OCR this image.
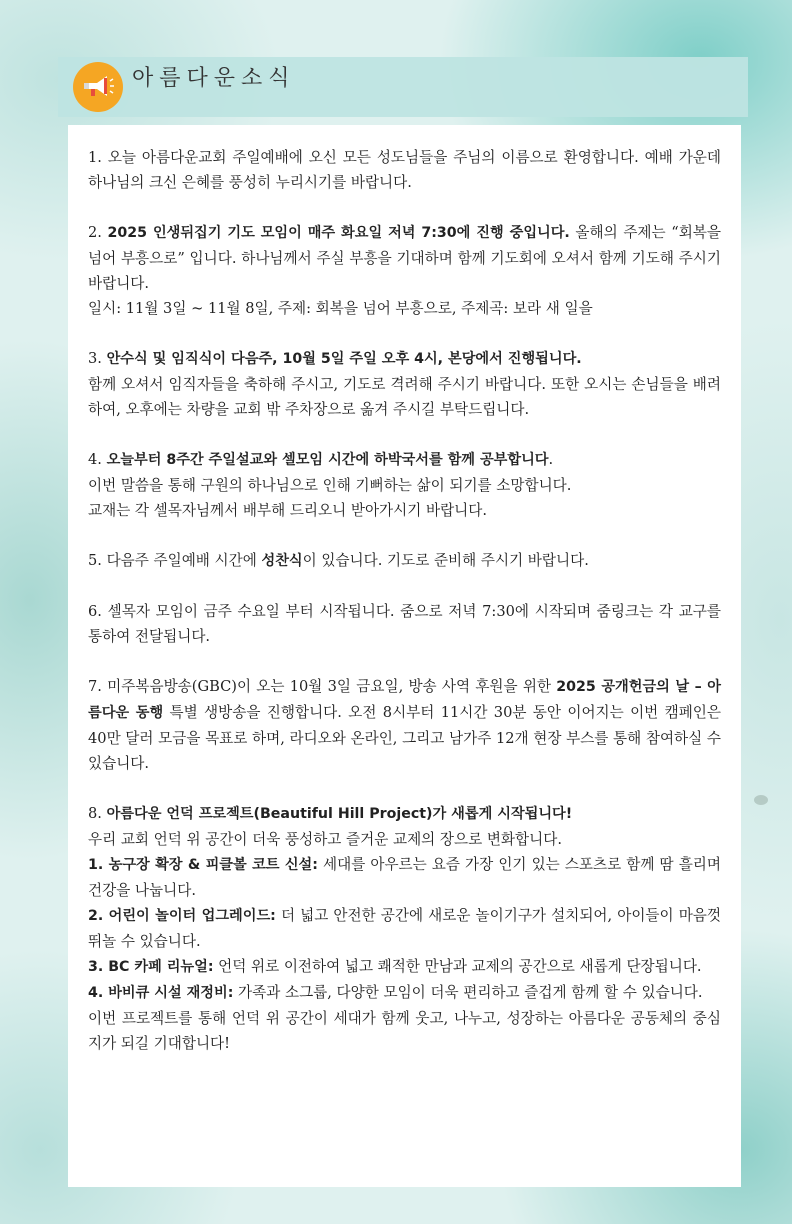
아름다운소식

1. 오늘 아름다운교회 주일예배에 오신 모든 성도님들을 주님의 이름으로 환영합니다. 예배 가운데 하나님의 크신 은혜를 풍성히 누리시기를 바랍니다.

2. 2025 인생뒤집기 기도 모임이 매주 화요일 저녁 7:30에 진행 중입니다. 올해의 주제는 “회복을 넘어 부흥으로” 입니다. 하나님께서 주실 부흥을 기대하며 함께 기도회에 오셔서 함께 기도해 주시기 바랍니다.
일시: 11월 3일 ~ 11월 8일, 주제: 회복을 넘어 부흥으로, 주제곡: 보라 새 일을

3. 안수식 및 임직식이 다음주, 10월 5일 주일 오후 4시, 본당에서 진행됩니다.
함께 오셔서 임직자들을 축하해 주시고, 기도로 격려해 주시기 바랍니다. 또한 오시는 손님들을 배려하여, 오후에는 차량을 교회 밖 주차장으로 옮겨 주시길 부탁드립니다.

4. 오늘부터 8주간 주일설교와 셀모임 시간에 하박국서를 함께 공부합니다.
이번 말씀을 통해 구원의 하나님으로 인해 기뻐하는 삶이 되기를 소망합니다.
교재는 각 셀목자님께서 배부해 드리오니 받아가시기 바랍니다.

5. 다음주 주일예배 시간에 성찬식이 있습니다. 기도로 준비해 주시기 바랍니다.

6. 셀목자 모임이 금주 수요일 부터 시작됩니다. 줌으로 저녁 7:30에 시작되며 줌링크는 각 교구를 통하여 전달됩니다.

7. 미주복음방송(GBC)이 오는 10월 3일 금요일, 방송 사역 후원을 위한 2025 공개헌금의 날 – 아름다운 동행 특별 생방송을 진행합니다. 오전 8시부터 11시간 30분 동안 이어지는 이번 캠페인은 40만 달러 모금을 목표로 하며, 라디오와 온라인, 그리고 남가주 12개 현장 부스를 통해 참여하실 수 있습니다.

8. 아름다운 언덕 프로젝트(Beautiful Hill Project)가 새롭게 시작됩니다!
우리 교회 언덕 위 공간이 더욱 풍성하고 즐거운 교제의 장으로 변화합니다.
1. 농구장 확장 & 피클볼 코트 신설: 세대를 아우르는 요즘 가장 인기 있는 스포츠로 함께 땀 흘리며 건강을 나눕니다.
2. 어린이 놀이터 업그레이드: 더 넓고 안전한 공간에 새로운 놀이기구가 설치되어, 아이들이 마음껏 뛰놀 수 있습니다.
3. BC 카페 리뉴얼: 언덕 위로 이전하여 넓고 쾌적한 만남과 교제의 공간으로 새롭게 단장됩니다.
4. 바비큐 시설 재정비: 가족과 소그룹, 다양한 모임이 더욱 편리하고 즐겁게 함께 할 수 있습니다.
이번 프로젝트를 통해 언덕 위 공간이 세대가 함께 웃고, 나누고, 성장하는 아름다운 공동체의 중심지가 되길 기대합니다!
